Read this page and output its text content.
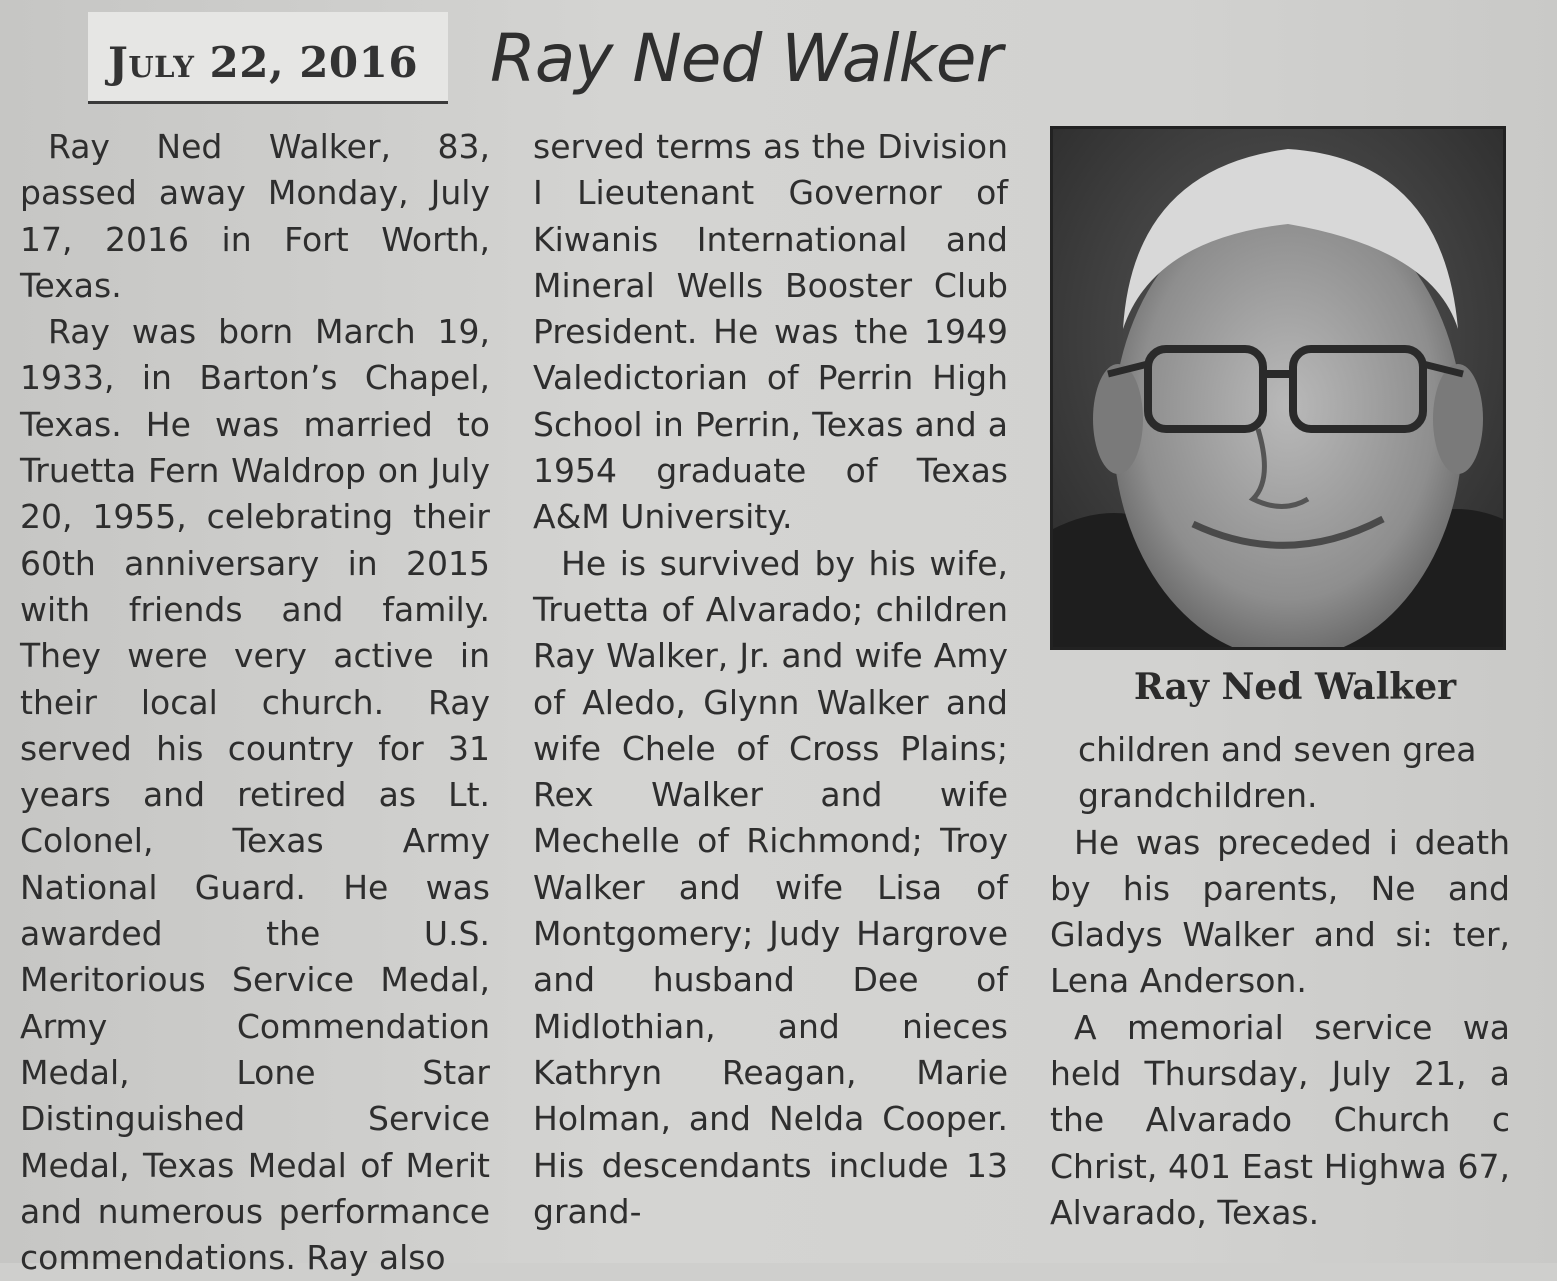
July 22, 2016 Ray Ned Walker

Ray Ned Walker, 83, passed away Monday, July 17, 2016 in Fort Worth, Texas.

Ray was born March 19, 1933, in Barton’s Chapel, Texas. He was married to Truetta Fern Waldrop on July 20, 1955, celebrating their 60th anniversary in 2015 with friends and family. They were very active in their local church. Ray served his country for 31 years and retired as Lt. Colonel, Texas Army National Guard. He was awarded the U.S. Meritorious Service Medal, Army Commendation Medal, Lone Star Distinguished Service Medal, Texas Medal of Merit and numerous performance commendations. Ray also

served terms as the Division I Lieutenant Governor of Kiwanis International and Mineral Wells Booster Club President. He was the 1949 Valedictorian of Perrin High School in Perrin, Texas and a 1954 graduate of Texas A&M University.

He is survived by his wife, Truetta of Alvarado; children Ray Walker, Jr. and wife Amy of Aledo, Glynn Walker and wife Chele of Cross Plains; Rex Walker and wife Mechelle of Richmond; Troy Walker and wife Lisa of Montgomery; Judy Hargrove and husband Dee of Midlothian, and nieces Kathryn Reagan, Marie Holman, and Nelda Cooper. His descendants include 13 grand-

Ray Ned Walker

children and seven grea

grandchildren.

He was preceded i death by his parents, Ne and Gladys Walker and si: ter, Lena Anderson.

A memorial service wa held Thursday, July 21, a the Alvarado Church c Christ, 401 East Highwa 67, Alvarado, Texas.
